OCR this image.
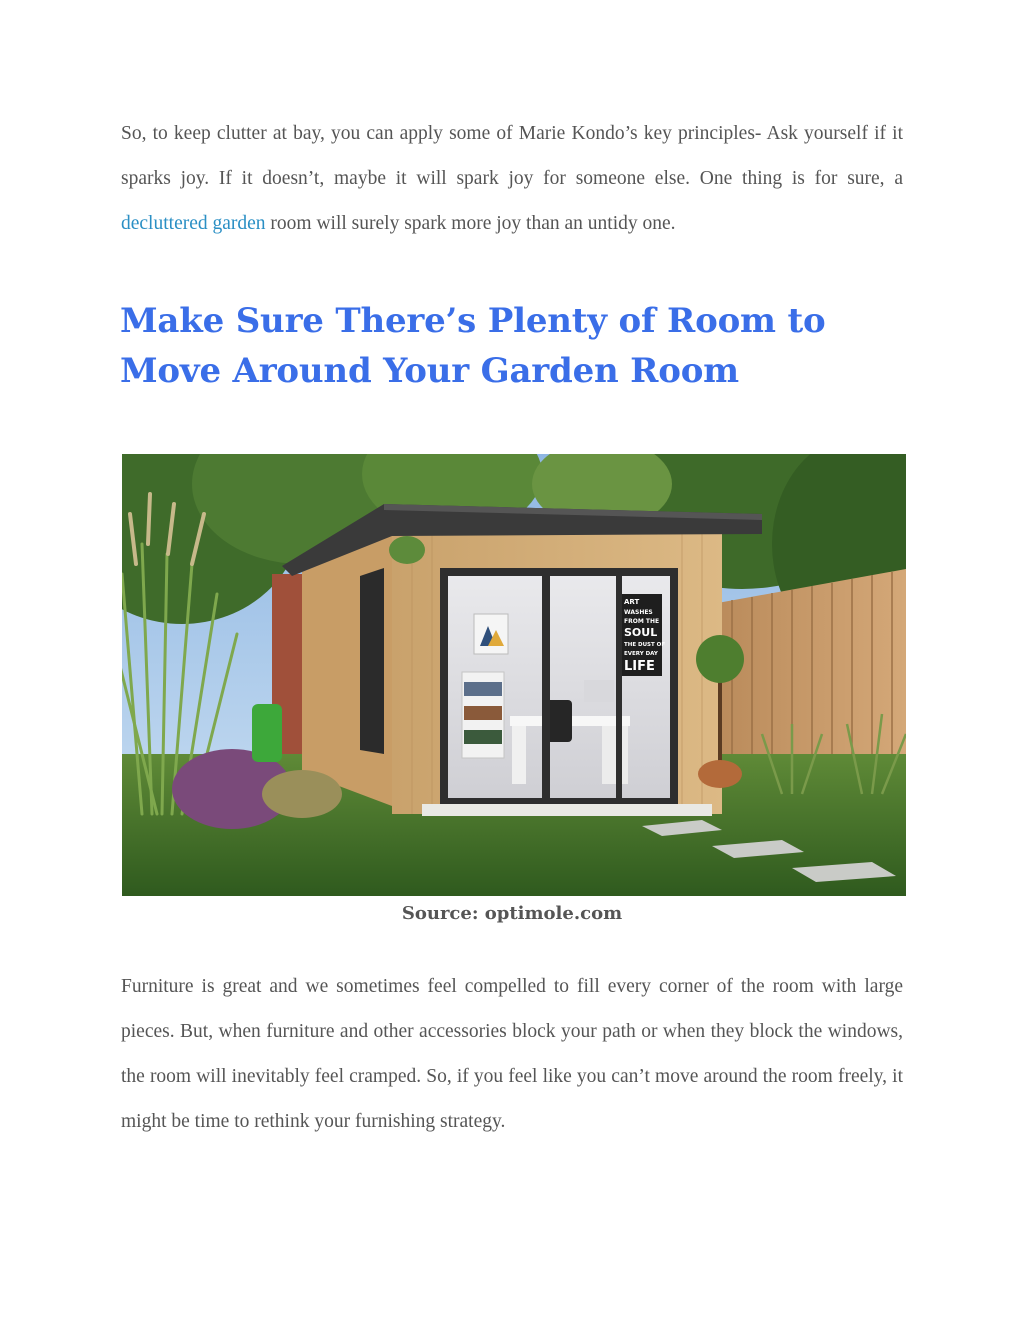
So, to keep clutter at bay, you can apply some of Marie Kondo’s key principles- Ask yourself if it sparks joy. If it doesn’t, maybe it will spark joy for someone else. One thing is for sure, a decluttered garden room will surely spark more joy than an untidy one.

Make Sure There’s Plenty of Room to Move Around Your Garden Room
ART
WASHES
FROM THE
SOUL
THE DUST OF
EVERY DAY
LIFE

Source: optimole.com

Furniture is great and we sometimes feel compelled to fill every corner of the room with large pieces. But, when furniture and other accessories block your path or when they block the windows, the room will inevitably feel cramped. So, if you feel like you can’t move around the room freely, it might be time to rethink your furnishing strategy.
